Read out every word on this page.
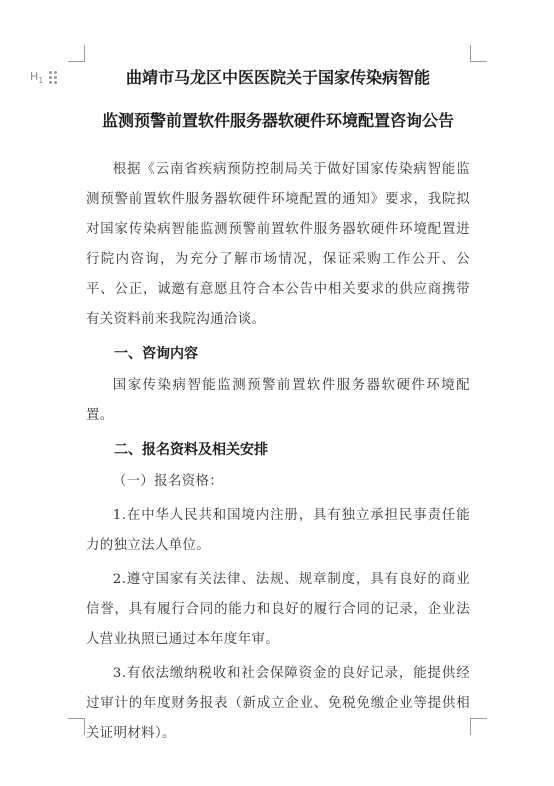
$H_1$	曲靖市马龙区中医医院关于国家传染病智能
监测预警前置软件服务器软硬件环境配置咨询公告

根据《云南省疾病预防控制局关于做好国家传染病智能监测预警前置软件服务器软硬件环境配置的通知》要求，我院拟对国家传染病智能监测预警前置软件服务器软硬件环境配置进行院内咨询，为充分了解市场情况，保证采购工作公开、公平、公正，诚邀有意愿且符合本公告中相关要求的供应商携带有关资料前来我院沟通洽谈。

一、咨询内容

国家传染病智能监测预警前置软件服务器软硬件环境配置。

二、报名资料及相关安排

（一）报名资格：

1.在中华人民共和国境内注册，具有独立承担民事责任能力的独立法人单位。

2.遵守国家有关法律、法规、规章制度，具有良好的商业信誉，具有履行合同的能力和良好的履行合同的记录，企业法人营业执照已通过本年度年审。

3.有依法缴纳税收和社会保障资金的良好记录，能提供经过审计的年度财务报表（新成立企业、免税免缴企业等提供相关证明材料）。
